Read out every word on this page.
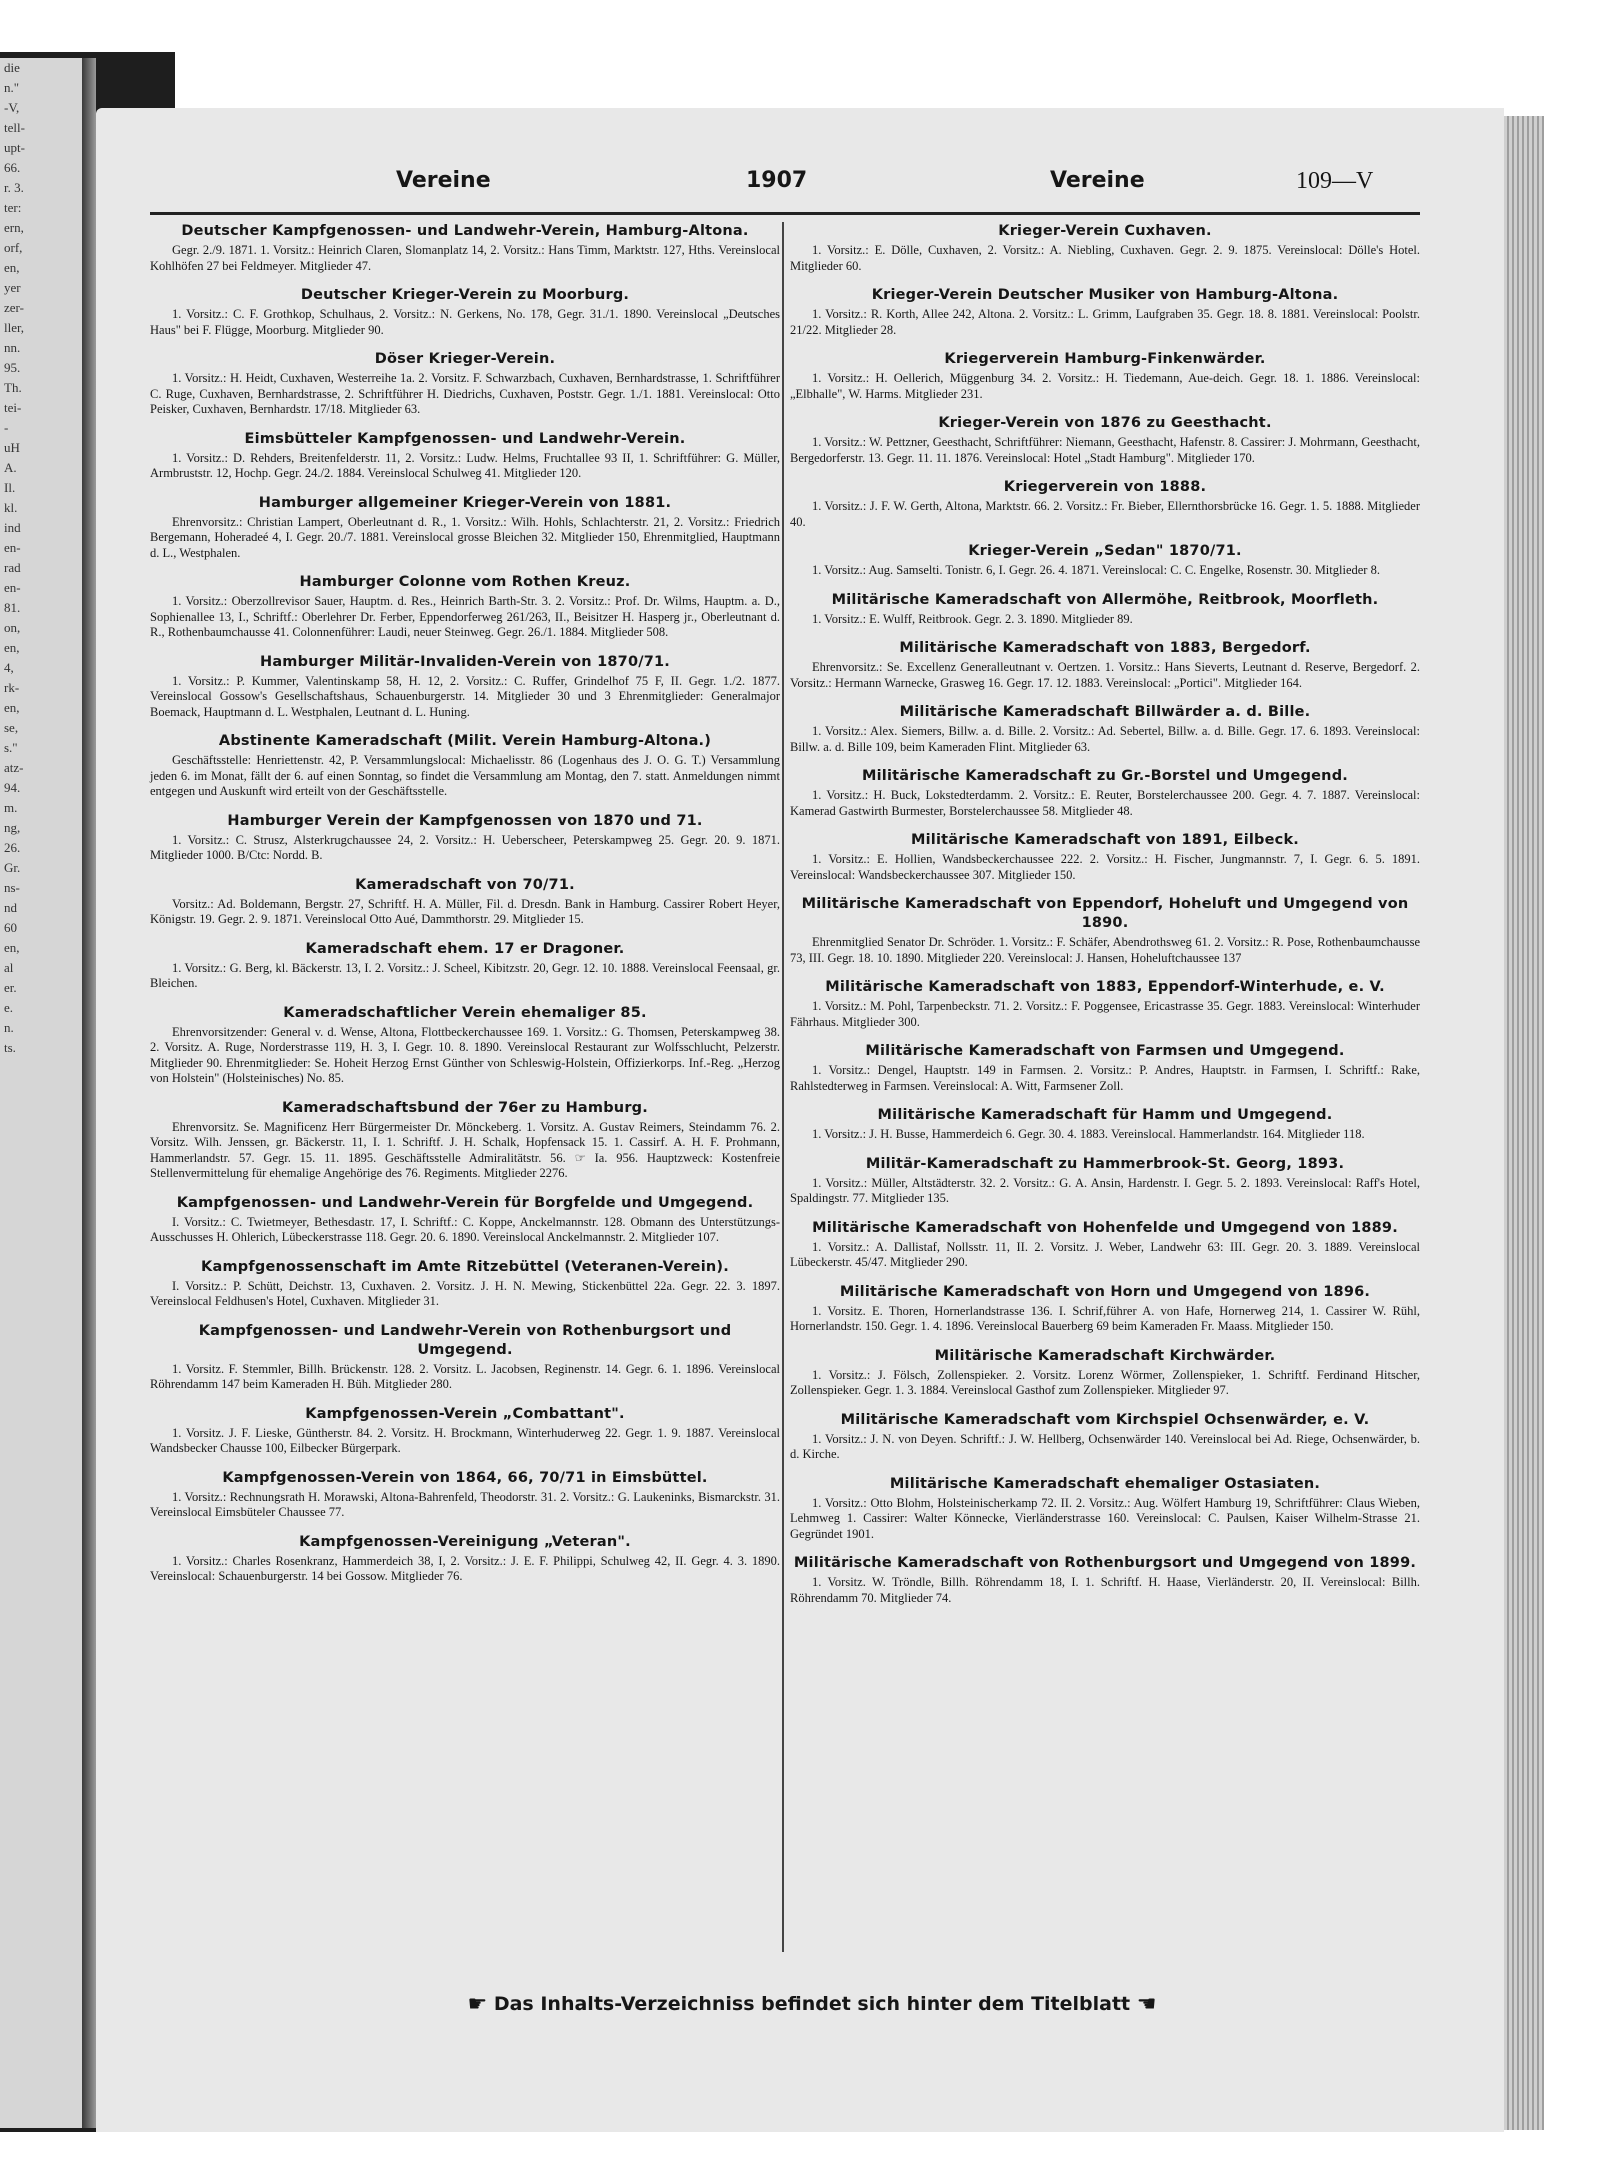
die
n."
-V,
tell-
upt-
66.
r. 3.
ter:
ern,
orf,
en,
yer
zer-
ller,
nn.
95.
Th.
tei-
-
uH
A.
Il.
kl.
ind
en-
rad
en-
81.
on,
en,
4,
rk-
en,
se,
s."
atz-
94.
m.
ng,
26.
Gr.
ns-
nd
60
en,
al
er.
e.
n.
ts.
Vereine	1907	Vereine	109—V
Deutscher Kampfgenossen- und Landwehr-Verein, Hamburg-Altona.
Gegr. 2./9. 1871. 1. Vorsitz.: Heinrich Claren, Slomanplatz 14, 2. Vorsitz.: Hans Timm, Marktstr. 127, Hths. Vereinslocal Kohlhöfen 27 bei Feldmeyer. Mitglieder 47.
Deutscher Krieger-Verein zu Moorburg.
1. Vorsitz.: C. F. Grothkop, Schulhaus, 2. Vorsitz.: N. Gerkens, No. 178, Gegr. 31./1. 1890. Vereinslocal „Deutsches Haus" bei F. Flügge, Moorburg. Mitglieder 90.
Döser Krieger-Verein.
1. Vorsitz.: H. Heidt, Cuxhaven, Westerreihe 1a. 2. Vorsitz. F. Schwarzbach, Cuxhaven, Bernhardstrasse, 1. Schriftführer C. Ruge, Cuxhaven, Bernhardstrasse, 2. Schriftführer H. Diedrichs, Cuxhaven, Poststr. Gegr. 1./1. 1881. Vereinslocal: Otto Peisker, Cuxhaven, Bernhardstr. 17/18. Mitglieder 63.
Eimsbütteler Kampfgenossen- und Landwehr-Verein.
1. Vorsitz.: D. Rehders, Breitenfelderstr. 11, 2. Vorsitz.: Ludw. Helms, Fruchtallee 93 II, 1. Schriftführer: G. Müller, Armbruststr. 12, Hochp. Gegr. 24./2. 1884. Vereinslocal Schulweg 41. Mitglieder 120.
Hamburger allgemeiner Krieger-Verein von 1881.
Ehrenvorsitz.: Christian Lampert, Oberleutnant d. R., 1. Vorsitz.: Wilh. Hohls, Schlachterstr. 21, 2. Vorsitz.: Friedrich Bergemann, Hoheradeé 4, I. Gegr. 20./7. 1881. Vereinslocal grosse Bleichen 32. Mitglieder 150, Ehrenmitglied, Hauptmann d. L., Westphalen.
Hamburger Colonne vom Rothen Kreuz.
1. Vorsitz.: Oberzollrevisor Sauer, Hauptm. d. Res., Heinrich Barth-Str. 3. 2. Vorsitz.: Prof. Dr. Wilms, Hauptm. a. D., Sophienallee 13, I., Schriftf.: Oberlehrer Dr. Ferber, Eppendorferweg 261/263, II., Beisitzer H. Hasperg jr., Oberleutnant d. R., Rothenbaumchausse 41. Colonnenführer: Laudi, neuer Steinweg. Gegr. 26./1. 1884. Mitglieder 508.
Hamburger Militär-Invaliden-Verein von 1870/71.
1. Vorsitz.: P. Kummer, Valentinskamp 58, H. 12, 2. Vorsitz.: C. Ruffer, Grindelhof 75 F, II. Gegr. 1./2. 1877. Vereinslocal Gossow's Gesellschaftshaus, Schauenburgerstr. 14. Mitglieder 30 und 3 Ehrenmitglieder: Generalmajor Boemack, Hauptmann d. L. Westphalen, Leutnant d. L. Huning.
Abstinente Kameradschaft (Milit. Verein Hamburg-Altona.)
Geschäftsstelle: Henriettenstr. 42, P. Versammlungslocal: Michaelisstr. 86 (Logenhaus des J. O. G. T.) Versammlung jeden 6. im Monat, fällt der 6. auf einen Sonntag, so findet die Versammlung am Montag, den 7. statt. Anmeldungen nimmt entgegen und Auskunft wird erteilt von der Geschäftsstelle.
Hamburger Verein der Kampfgenossen von 1870 und 71.
1. Vorsitz.: C. Strusz, Alsterkrugchaussee 24, 2. Vorsitz.: H. Ueberscheer, Peterskampweg 25. Gegr. 20. 9. 1871. Mitglieder 1000. B/Ctc: Nordd. B.
Kameradschaft von 70/71.
Vorsitz.: Ad. Boldemann, Bergstr. 27, Schriftf. H. A. Müller, Fil. d. Dresdn. Bank in Hamburg. Cassirer Robert Heyer, Königstr. 19. Gegr. 2. 9. 1871. Vereinslocal Otto Aué, Dammthorstr. 29. Mitglieder 15.
Kameradschaft ehem. 17 er Dragoner.
1. Vorsitz.: G. Berg, kl. Bäckerstr. 13, I. 2. Vorsitz.: J. Scheel, Kibitzstr. 20, Gegr. 12. 10. 1888. Vereinslocal Feensaal, gr. Bleichen.
Kameradschaftlicher Verein ehemaliger 85.
Ehrenvorsitzender: General v. d. Wense, Altona, Flottbeckerchaussee 169. 1. Vorsitz.: G. Thomsen, Peterskampweg 38. 2. Vorsitz. A. Ruge, Norderstrasse 119, H. 3, I. Gegr. 10. 8. 1890. Vereinslocal Restaurant zur Wolfsschlucht, Pelzerstr. Mitglieder 90. Ehrenmitglieder: Se. Hoheit Herzog Ernst Günther von Schleswig-Holstein, Offizierkorps. Inf.-Reg. „Herzog von Holstein" (Holsteinisches) No. 85.
Kameradschaftsbund der 76er zu Hamburg.
Ehrenvorsitz. Se. Magnificenz Herr Bürgermeister Dr. Mönckeberg. 1. Vorsitz. A. Gustav Reimers, Steindamm 76. 2. Vorsitz. Wilh. Jenssen, gr. Bäckerstr. 11, I. 1. Schriftf. J. H. Schalk, Hopfensack 15. 1. Cassirf. A. H. F. Prohmann, Hammerlandstr. 57. Gegr. 15. 11. 1895. Geschäftsstelle Admiralitätstr. 56. ☞ Ia. 956. Hauptzweck: Kostenfreie Stellenvermittelung für ehemalige Angehörige des 76. Regiments. Mitglieder 2276.
Kampfgenossen- und Landwehr-Verein für Borgfelde und Umgegend.
I. Vorsitz.: C. Twietmeyer, Bethesdastr. 17, I. Schriftf.: C. Koppe, Anckelmannstr. 128. Obmann des Unterstützungs-Ausschusses H. Ohlerich, Lübeckerstrasse 118. Gegr. 20. 6. 1890. Vereinslocal Anckelmannstr. 2. Mitglieder 107.
Kampfgenossenschaft im Amte Ritzebüttel (Veteranen-Verein).
I. Vorsitz.: P. Schütt, Deichstr. 13, Cuxhaven. 2. Vorsitz. J. H. N. Mewing, Stickenbüttel 22a. Gegr. 22. 3. 1897. Vereinslocal Feldhusen's Hotel, Cuxhaven. Mitglieder 31.
Kampfgenossen- und Landwehr-Verein von Rothenburgsort und Umgegend.
1. Vorsitz. F. Stemmler, Billh. Brückenstr. 128. 2. Vorsitz. L. Jacobsen, Reginenstr. 14. Gegr. 6. 1. 1896. Vereinslocal Röhrendamm 147 beim Kameraden H. Büh. Mitglieder 280.
Kampfgenossen-Verein „Combattant".
1. Vorsitz. J. F. Lieske, Güntherstr. 84. 2. Vorsitz. H. Brockmann, Winterhuderweg 22. Gegr. 1. 9. 1887. Vereinslocal Wandsbecker Chausse 100, Eilbecker Bürgerpark.
Kampfgenossen-Verein von 1864, 66, 70/71 in Eimsbüttel.
1. Vorsitz.: Rechnungsrath H. Morawski, Altona-Bahrenfeld, Theodorstr. 31. 2. Vorsitz.: G. Laukeninks, Bismarckstr. 31. Vereinslocal Eimsbüteler Chaussee 77.
Kampfgenossen-Vereinigung „Veteran".
1. Vorsitz.: Charles Rosenkranz, Hammerdeich 38, I, 2. Vorsitz.: J. E. F. Philippi, Schulweg 42, II. Gegr. 4. 3. 1890. Vereinslocal: Schauenburgerstr. 14 bei Gossow. Mitglieder 76.
Krieger-Verein Cuxhaven.
1. Vorsitz.: E. Dölle, Cuxhaven, 2. Vorsitz.: A. Niebling, Cuxhaven. Gegr. 2. 9. 1875. Vereinslocal: Dölle's Hotel. Mitglieder 60.
Krieger-Verein Deutscher Musiker von Hamburg-Altona.
1. Vorsitz.: R. Korth, Allee 242, Altona. 2. Vorsitz.: L. Grimm, Laufgraben 35. Gegr. 18. 8. 1881. Vereinslocal: Poolstr. 21/22. Mitglieder 28.
Kriegerverein Hamburg-Finkenwärder.
1. Vorsitz.: H. Oellerich, Müggenburg 34. 2. Vorsitz.: H. Tiedemann, Aue-deich. Gegr. 18. 1. 1886. Vereinslocal: „Elbhalle", W. Harms. Mitglieder 231.
Krieger-Verein von 1876 zu Geesthacht.
1. Vorsitz.: W. Pettzner, Geesthacht, Schriftführer: Niemann, Geesthacht, Hafenstr. 8. Cassirer: J. Mohrmann, Geesthacht, Bergedorferstr. 13. Gegr. 11. 11. 1876. Vereinslocal: Hotel „Stadt Hamburg". Mitglieder 170.
Kriegerverein von 1888.
1. Vorsitz.: J. F. W. Gerth, Altona, Marktstr. 66. 2. Vorsitz.: Fr. Bieber, Ellernthorsbrücke 16. Gegr. 1. 5. 1888. Mitglieder 40.
Krieger-Verein „Sedan" 1870/71.
1. Vorsitz.: Aug. Samselti. Tonistr. 6, I. Gegr. 26. 4. 1871. Vereinslocal: C. C. Engelke, Rosenstr. 30. Mitglieder 8.
Militärische Kameradschaft von Allermöhe, Reitbrook, Moorfleth.
1. Vorsitz.: E. Wulff, Reitbrook. Gegr. 2. 3. 1890. Mitglieder 89.
Militärische Kameradschaft von 1883, Bergedorf.
Ehrenvorsitz.: Se. Excellenz Generalleutnant v. Oertzen. 1. Vorsitz.: Hans Sieverts, Leutnant d. Reserve, Bergedorf. 2. Vorsitz.: Hermann Warnecke, Grasweg 16. Gegr. 17. 12. 1883. Vereinslocal: „Portici". Mitglieder 164.
Militärische Kameradschaft Billwärder a. d. Bille.
1. Vorsitz.: Alex. Siemers, Billw. a. d. Bille. 2. Vorsitz.: Ad. Sebertel, Billw. a. d. Bille. Gegr. 17. 6. 1893. Vereinslocal: Billw. a. d. Bille 109, beim Kameraden Flint. Mitglieder 63.
Militärische Kameradschaft zu Gr.-Borstel und Umgegend.
1. Vorsitz.: H. Buck, Lokstedterdamm. 2. Vorsitz.: E. Reuter, Borstelerchaussee 200. Gegr. 4. 7. 1887. Vereinslocal: Kamerad Gastwirth Burmester, Borstelerchaussee 58. Mitglieder 48.
Militärische Kameradschaft von 1891, Eilbeck.
1. Vorsitz.: E. Hollien, Wandsbeckerchaussee 222. 2. Vorsitz.: H. Fischer, Jungmannstr. 7, I. Gegr. 6. 5. 1891. Vereinslocal: Wandsbeckerchaussee 307. Mitglieder 150.
Militärische Kameradschaft von Eppendorf, Hoheluft und Umgegend von 1890.
Ehrenmitglied Senator Dr. Schröder. 1. Vorsitz.: F. Schäfer, Abendrothsweg 61. 2. Vorsitz.: R. Pose, Rothenbaumchausse 73, III. Gegr. 18. 10. 1890. Mitglieder 220. Vereinslocal: J. Hansen, Hoheluftchaussee 137
Militärische Kameradschaft von 1883, Eppendorf-Winterhude, e. V.
1. Vorsitz.: M. Pohl, Tarpenbeckstr. 71. 2. Vorsitz.: F. Poggensee, Ericastrasse 35. Gegr. 1883. Vereinslocal: Winterhuder Fährhaus. Mitglieder 300.
Militärische Kameradschaft von Farmsen und Umgegend.
1. Vorsitz.: Dengel, Hauptstr. 149 in Farmsen. 2. Vorsitz.: P. Andres, Hauptstr. in Farmsen, I. Schriftf.: Rake, Rahlstedterweg in Farmsen. Vereinslocal: A. Witt, Farmsener Zoll.
Militärische Kameradschaft für Hamm und Umgegend.
1. Vorsitz.: J. H. Busse, Hammerdeich 6. Gegr. 30. 4. 1883. Vereinslocal. Hammerlandstr. 164. Mitglieder 118.
Militär-Kameradschaft zu Hammerbrook-St. Georg, 1893.
1. Vorsitz.: Müller, Altstädterstr. 32. 2. Vorsitz.: G. A. Ansin, Hardenstr. I. Gegr. 5. 2. 1893. Vereinslocal: Raff's Hotel, Spaldingstr. 77. Mitglieder 135.
Militärische Kameradschaft von Hohenfelde und Umgegend von 1889.
1. Vorsitz.: A. Dallistaf, Nollsstr. 11, II. 2. Vorsitz. J. Weber, Landwehr 63: III. Gegr. 20. 3. 1889. Vereinslocal Lübeckerstr. 45/47. Mitglieder 290.
Militärische Kameradschaft von Horn und Umgegend von 1896.
1. Vorsitz. E. Thoren, Hornerlandstrasse 136. I. Schrif,führer A. von Hafe, Hornerweg 214, 1. Cassirer W. Rühl, Hornerlandstr. 150. Gegr. 1. 4. 1896. Vereinslocal Bauerberg 69 beim Kameraden Fr. Maass. Mitglieder 150.
Militärische Kameradschaft Kirchwärder.
1. Vorsitz.: J. Fölsch, Zollenspieker. 2. Vorsitz. Lorenz Wörmer, Zollenspieker, 1. Schriftf. Ferdinand Hitscher, Zollenspieker. Gegr. 1. 3. 1884. Vereinslocal Gasthof zum Zollenspieker. Mitglieder 97.
Militärische Kameradschaft vom Kirchspiel Ochsenwärder, e. V.
1. Vorsitz.: J. N. von Deyen. Schriftf.: J. W. Hellberg, Ochsenwärder 140. Vereinslocal bei Ad. Riege, Ochsenwärder, b. d. Kirche.
Militärische Kameradschaft ehemaliger Ostasiaten.
1. Vorsitz.: Otto Blohm, Holsteinischerkamp 72. II. 2. Vorsitz.: Aug. Wölfert Hamburg 19, Schriftführer: Claus Wieben, Lehmweg 1. Cassirer: Walter Könnecke, Vierländerstrasse 160. Vereinslocal: C. Paulsen, Kaiser Wilhelm-Strasse 21. Gegründet 1901.
Militärische Kameradschaft von Rothenburgsort und Umgegend von 1899.
1. Vorsitz. W. Tröndle, Billh. Röhrendamm 18, I. 1. Schriftf. H. Haase, Vierländerstr. 20, II. Vereinslocal: Billh. Röhrendamm 70. Mitglieder 74.
☛ Das Inhalts-Verzeichniss befindet sich hinter dem Titelblatt ☚
